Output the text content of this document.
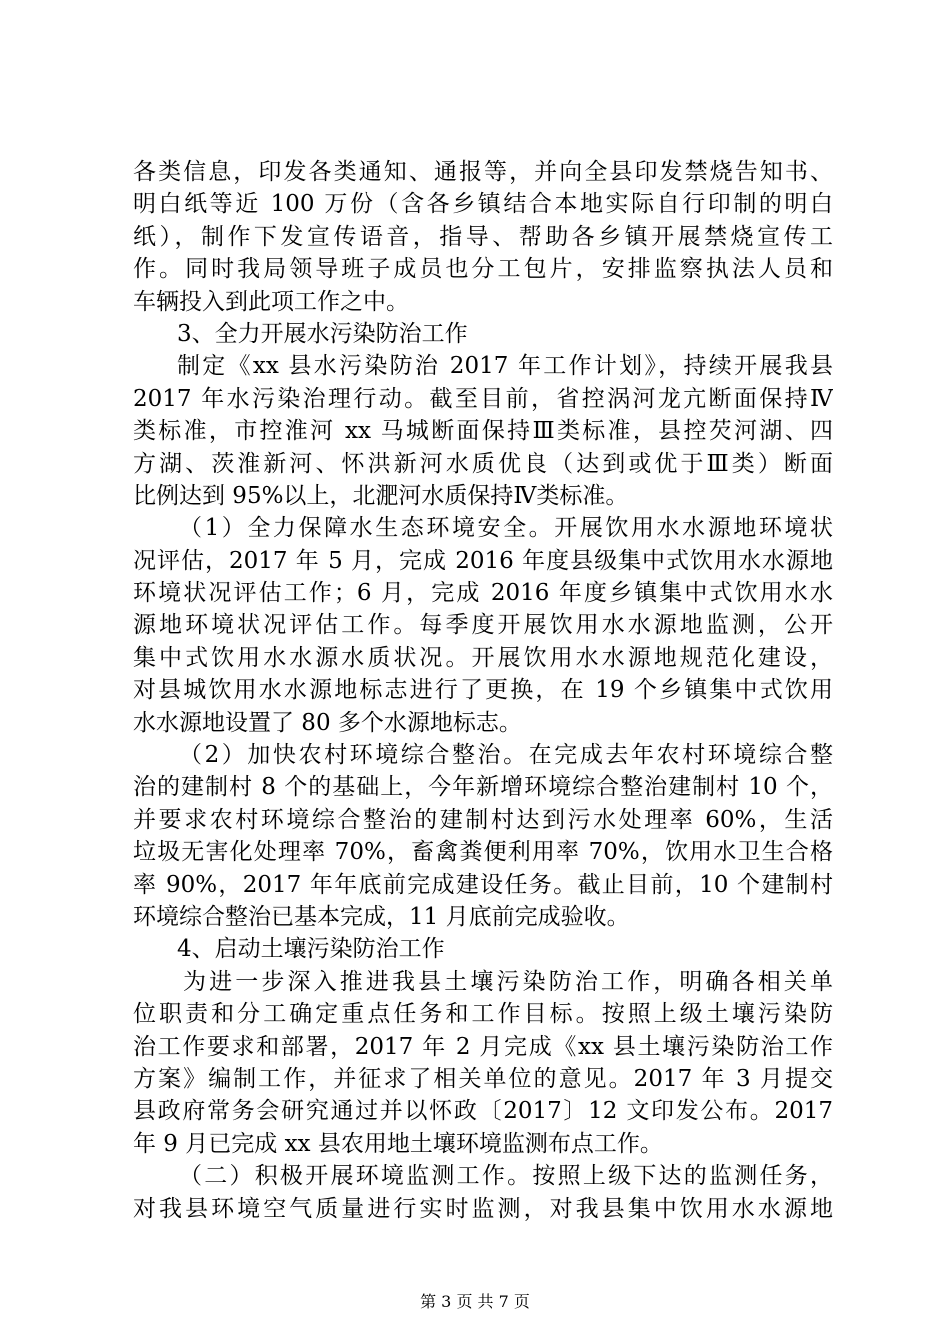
各类信息，印发各类通知、通报等，并向全县印发禁烧告知书、
明白纸等近 100 万份（含各乡镇结合本地实际自行印制的明白
纸），制作下发宣传语音，指导、帮助各乡镇开展禁烧宣传工
作。同时我局领导班子成员也分工包片，安排监察执法人员和
车辆投入到此项工作之中。
3、全力开展水污染防治工作
制定《xx 县水污染防治 2017 年工作计划》，持续开展我县
2017 年水污染治理行动。截至目前，省控涡河龙亢断面保持Ⅳ
类标准，市控淮河 xx 马城断面保持Ⅲ类标准，县控芡河湖、四
方湖、茨淮新河、怀洪新河水质优良（达到或优于Ⅲ类）断面
比例达到 95%以上，北淝河水质保持Ⅳ类标准。
（1）全力保障水生态环境安全。开展饮用水水源地环境状
况评估，2017 年 5 月，完成 2016 年度县级集中式饮用水水源地
环境状况评估工作；6 月，完成 2016 年度乡镇集中式饮用水水
源地环境状况评估工作。每季度开展饮用水水源地监测，公开
集中式饮用水水源水质状况。开展饮用水水源地规范化建设，
对县城饮用水水源地标志进行了更换，在 19 个乡镇集中式饮用
水水源地设置了 80 多个水源地标志。
（2）加快农村环境综合整治。在完成去年农村环境综合整
治的建制村 8 个的基础上，今年新增环境综合整治建制村 10 个，
并要求农村环境综合整治的建制村达到污水处理率 60%，生活
垃圾无害化处理率 70%，畜禽粪便利用率 70%，饮用水卫生合格
率 90%，2017 年年底前完成建设任务。截止目前，10 个建制村
环境综合整治已基本完成，11 月底前完成验收。
4、启动土壤污染防治工作
为进一步深入推进我县土壤污染防治工作，明确各相关单
位职责和分工确定重点任务和工作目标。按照上级土壤污染防
治工作要求和部署，2017 年 2 月完成《xx 县土壤污染防治工作
方案》编制工作，并征求了相关单位的意见。2017 年 3 月提交
县政府常务会研究通过并以怀政〔2017〕12 文印发公布。2017
年 9 月已完成 xx 县农用地土壤环境监测布点工作。
（二）积极开展环境监测工作。按照上级下达的监测任务，
对我县环境空气质量进行实时监测，对我县集中饮用水水源地
第 3 页 共 7 页
